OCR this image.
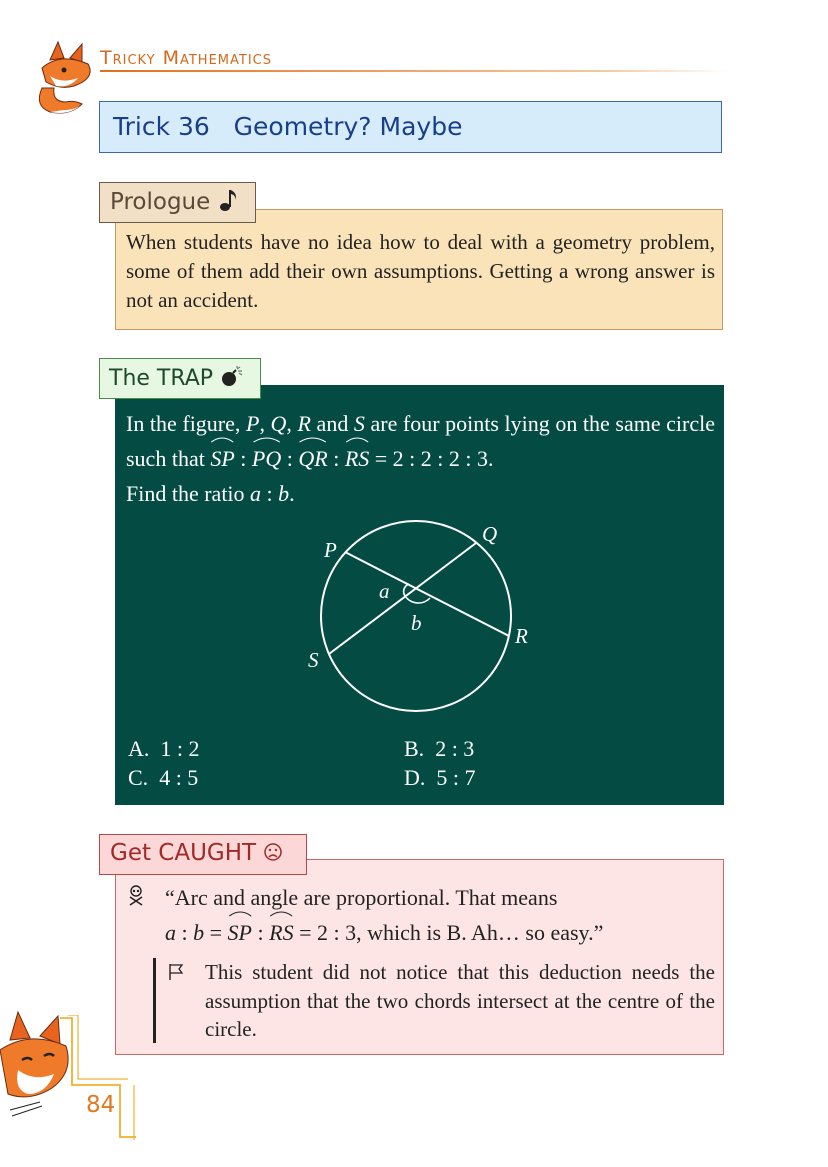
Tricky Mathematics
Trick 36   Geometry? Maybe
Prologue
When students have no idea how to deal with a geometry problem, some of them add their own assumptions. Getting a wrong answer is not an accident.
The TRAP
In the figure, P, Q, R and S are four points lying on the same circle such that
SP :
PQ :
QR :
RS = 2 : 2 : 2 : 3.
Find the ratio a : b.
P
Q
R
S
a
b
A. 1 : 2	B. 2 : 3
C. 4 : 5	D. 5 : 7
Get CAUGHT
“Arc and angle are proportional. That means
a : b =
SP :
RS = 2 : 3, which is B. Ah… so easy.”
This student did not notice that this deduction needs the assumption that the two chords intersect at the centre of the circle.
84
